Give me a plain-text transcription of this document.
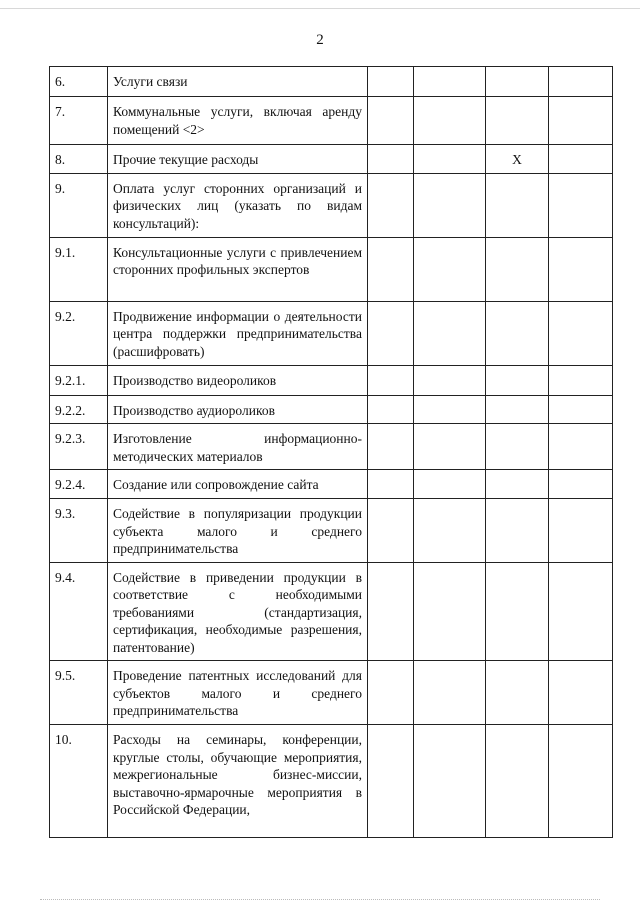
2
6.	Услуги связи				
7.	Коммунальные услуги, включая аренду помещений <2>				
8.	Прочие текущие расходы			X	
9.	Оплата услуг сторонних организаций и физических лиц (указать по видам консультаций):				
9.1.	Консультационные услуги с привлечением сторонних профильных экспертов				
9.2.	Продвижение информации о деятельности центра поддержки предпринимательства (расшифровать)				
9.2.1.	Производство видеороликов				
9.2.2.	Производство аудиороликов				
9.2.3.	Изготовление информационно-методических материалов				
9.2.4.	Создание или сопровождение сайта				
9.3.	Содействие в популяризации продукции субъекта малого и среднего предпринимательства				
9.4.	Содействие в приведении продукции в соответствие с необходимыми требованиями (стандартизация, сертификация, необходимые разрешения, патентование)				
9.5.	Проведение патентных исследований для субъектов малого и среднего предпринимательства				
10.	Расходы на семинары, конференции, круглые столы, обучающие мероприятия, межрегиональные бизнес-миссии, выставочно-ярмарочные мероприятия в Российской Федерации,				
